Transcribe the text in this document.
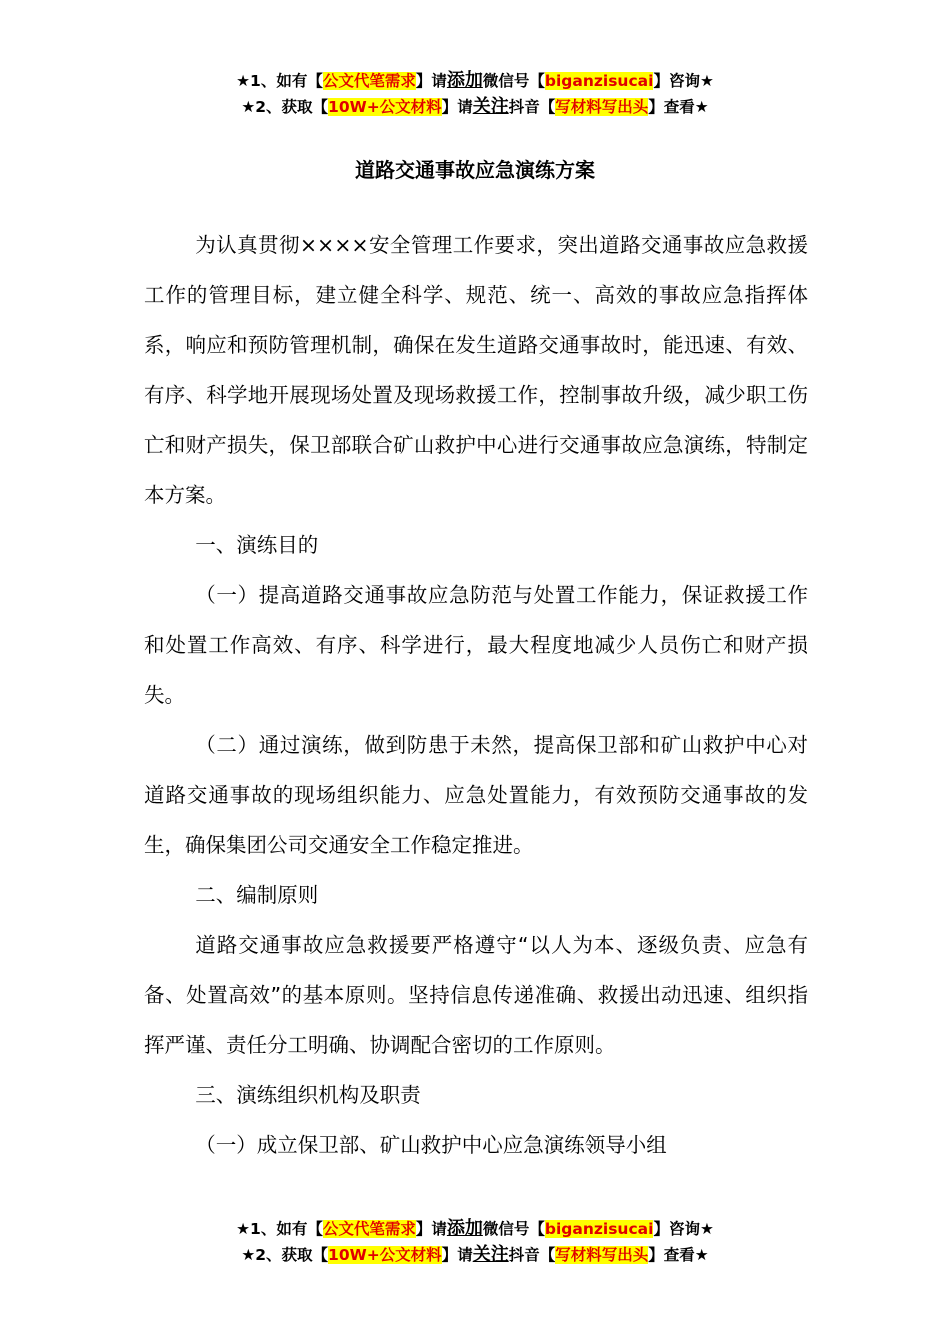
★1、如有【公文代笔需求】请添加微信号【biganzisucai】咨询★
★2、获取【10W+公文材料】请关注抖音【写材料写出头】查看★
道路交通事故应急演练方案

为认真贯彻××××安全管理工作要求，突出道路交通事故应急救援工作的管理目标，建立健全科学、规范、统一、高效的事故应急指挥体系，响应和预防管理机制，确保在发生道路交通事故时，能迅速、有效、有序、科学地开展现场处置及现场救援工作，控制事故升级，减少职工伤亡和财产损失，保卫部联合矿山救护中心进行交通事故应急演练，特制定本方案。

一、演练目的

（一）提高道路交通事故应急防范与处置工作能力，保证救援工作和处置工作高效、有序、科学进行，最大程度地减少人员伤亡和财产损失。

（二）通过演练，做到防患于未然，提高保卫部和矿山救护中心对道路交通事故的现场组织能力、应急处置能力，有效预防交通事故的发生，确保集团公司交通安全工作稳定推进。

二、编制原则

道路交通事故应急救援要严格遵守“以人为本、逐级负责、应急有备、处置高效”的基本原则。坚持信息传递准确、救援出动迅速、组织指挥严谨、责任分工明确、协调配合密切的工作原则。

三、演练组织机构及职责

（一）成立保卫部、矿山救护中心应急演练领导小组

★1、如有【公文代笔需求】请添加微信号【biganzisucai】咨询★
★2、获取【10W+公文材料】请关注抖音【写材料写出头】查看★
